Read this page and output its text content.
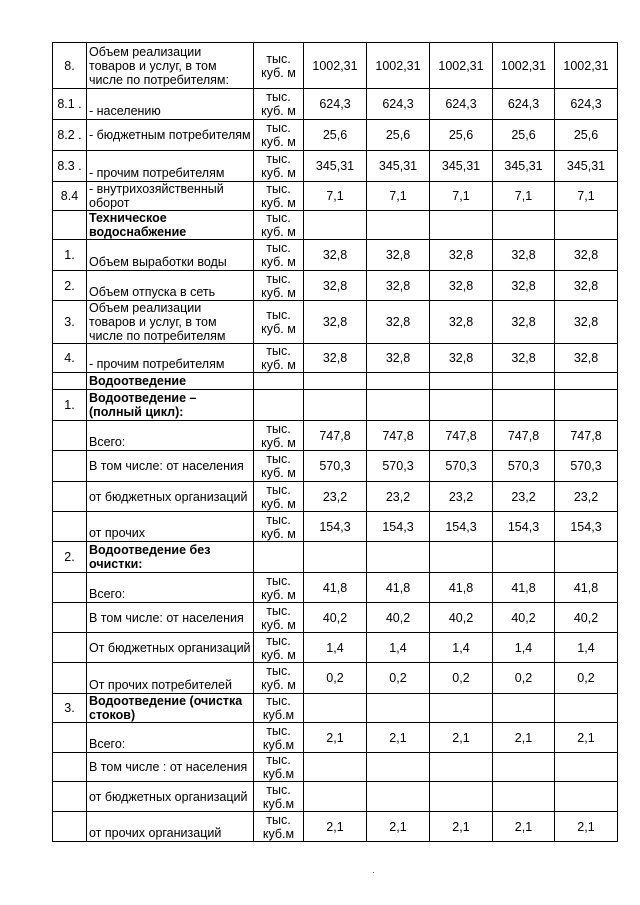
8.	Объем реализации товаров и услуг, в том числе по потребителям:	тыс. куб. м	1002,31	1002,31	1002,31	1002,31	1002,31
8.1 .	- населению	тыс. куб. м	624,3	624,3	624,3	624,3	624,3
8.2 .	- бюджетным потребителям	тыс. куб. м	25,6	25,6	25,6	25,6	25,6
8.3 .	- прочим потребителям	тыс. куб. м	345,31	345,31	345,31	345,31	345,31
8.4	- внутрихозяйственный оборот	тыс. куб. м	7,1	7,1	7,1	7,1	7,1
	Техническое водоснабжение	тыс. куб. м					
1.	Объем выработки воды	тыс. куб. м	32,8	32,8	32,8	32,8	32,8
2.	Объем отпуска в сеть	тыс. куб. м	32,8	32,8	32,8	32,8	32,8
3.	Объем реализации товаров и услуг, в том числе по потребителям	тыс. куб. м	32,8	32,8	32,8	32,8	32,8
4.	- прочим потребителям	тыс. куб. м	32,8	32,8	32,8	32,8	32,8
	Водоотведение						
1.	Водоотведение – (полный цикл):						
	Всего:	тыс. куб. м	747,8	747,8	747,8	747,8	747,8
	В том числе: от населения	тыс. куб. м	570,3	570,3	570,3	570,3	570,3
	от бюджетных организаций	тыс. куб. м	23,2	23,2	23,2	23,2	23,2
	от прочих	тыс. куб. м	154,3	154,3	154,3	154,3	154,3
2.	Водоотведение без очистки:						
	Всего:	тыс. куб. м	41,8	41,8	41,8	41,8	41,8
	В том числе: от населения	тыс. куб. м	40,2	40,2	40,2	40,2	40,2
	От бюджетных организаций	тыс. куб. м	1,4	1,4	1,4	1,4	1,4
	От прочих потребителей	тыс. куб. м	0,2	0,2	0,2	0,2	0,2
3.	Водоотведение (очистка стоков)	тыс. куб.м					
	Всего:	тыс. куб.м	2,1	2,1	2,1	2,1	2,1
	В том числе : от населения	тыс. куб.м					
	от бюджетных организаций	тыс. куб.м					
	от прочих организаций	тыс. куб.м	2,1	2,1	2,1	2,1	2,1
